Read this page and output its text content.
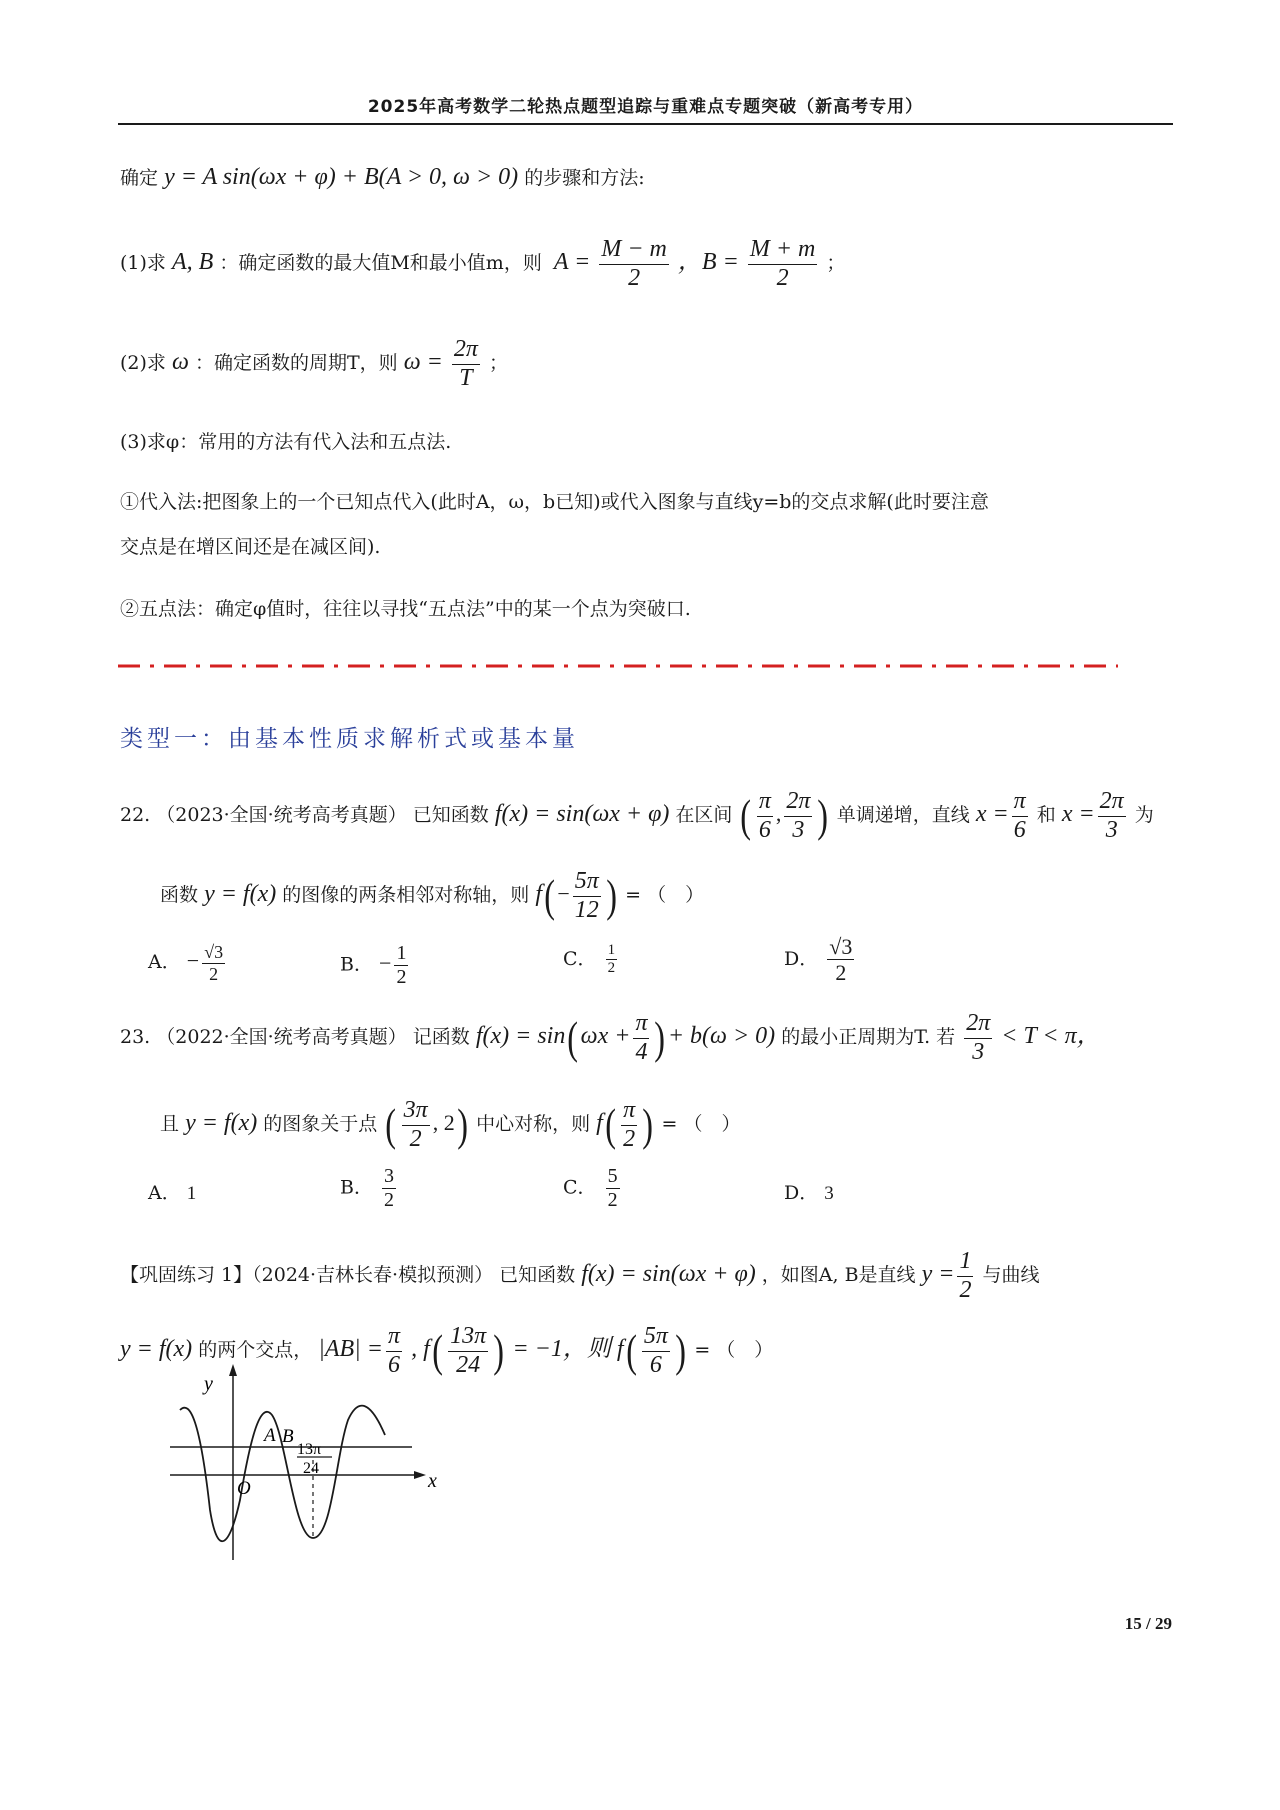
2025年高考数学二轮热点题型追踪与重难点专题突破（新高考专用）
确定 y = A sin(ωx + φ) + B(A > 0, ω > 0) 的步骤和方法:
(1)求 A, B ：确定函数的最大值M和最小值m，则  $A = \frac{M - m}{2}$ ，$B = \frac{M + m}{2}$ ；
(2)求 ω ：确定函数的周期T，则 $\omega = \frac{2\pi}{T}$ ；
(3)求φ：常用的方法有代入法和五点法.
①代入法:把图象上的一个已知点代入(此时A，ω，b已知)或代入图象与直线y=b的交点求解(此时要注意
交点是在增区间还是在减区间).
②五点法：确定φ值时，往往以寻找“五点法”中的某一个点为突破口.
类型一：由基本性质求解析式或基本量
22. （2023·全国·统考高考真题） 已知函数 f(x) = sin(ωx + φ) 在区间 ( $\frac{\pi}{6}$ , $\frac{2\pi}{3}$ ) 单调递增，直线 $x = \frac{\pi}{6}$ 和 $x = \frac{2\pi}{3}$ 为
函数 y = f(x) 的图像的两条相邻对称轴，则 $f( - \frac{5\pi}{12}$ ) = （　）
A． − $\frac{√3}{2}$	B． − $\frac{1}{2}$	C． $\frac{1}{2}$	D． $\frac{√3}{2}$
23. （2022·全国·统考高考真题） 记函数 $f(x) = \sin(\omega x + \frac{\pi}{4}$ )+ b(ω > 0) 的最小正周期为T. 若 $\frac{2\pi}{3} < T < \pi$，
且 y = f(x) 的图象关于点 ( $\frac{3\pi}{2}$ , 2) 中心对称，则 $f( \frac{\pi}{2}$ ) = （　）
A． 1	B． $\frac{3}{2}$	C． $\frac{5}{2}$	D． 3
【巩固练习 1】（2024·吉林长春·模拟预测） 已知函数 f(x) = sin(ωx + φ) ，如图A, B是直线 $y = \frac{1}{2}$ 与曲线
y = f(x) 的两个交点， $|AB| = \frac{\pi}{6}$ , $f( \frac{13\pi}{24}$ ) = −1，则 $f( \frac{5\pi}{6}$ ) = （　）
y
x
O
A B
13π
24
15 / 29
